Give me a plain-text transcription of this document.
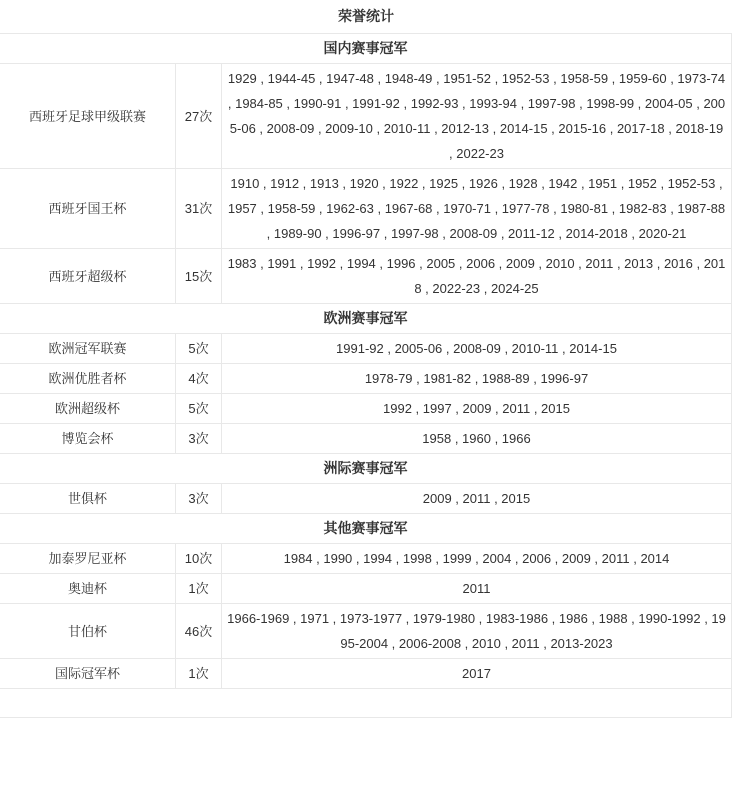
荣誉统计
国内赛事冠军		
西班牙足球甲级联赛	27次	1929 , 1944-45 , 1947-48 , 1948-49 , 1951-52 , 1952-53 , 1958-59 , 1959-60 , 1973-74 , 1984-85 , 1990-91 , 1991-92 , 1992-93 , 1993-94 , 1997-98 , 1998-99 , 2004-05 , 2005-06 , 2008-09 , 2009-10 , 2010-11 , 2012-13 , 2014-15 , 2015-16 , 2017-18 , 2018-19 , 2022-23
西班牙国王杯	31次	1910 , 1912 , 1913 , 1920 , 1922 , 1925 , 1926 , 1928 , 1942 , 1951 , 1952 , 1952-53 , 1957 , 1958-59 , 1962-63 , 1967-68 , 1970-71 , 1977-78 , 1980-81 , 1982-83 , 1987-88 , 1989-90 , 1996-97 , 1997-98 , 2008-09 , 2011-12 , 2014-2018 , 2020-21
西班牙超级杯	15次	1983 , 1991 , 1992 , 1994 , 1996 , 2005 , 2006 , 2009 , 2010 , 2011 , 2013 , 2016 , 2018 , 2022-23 , 2024-25
欧洲赛事冠军		
欧洲冠军联赛	5次	1991-92 , 2005-06 , 2008-09 , 2010-11 , 2014-15
欧洲优胜者杯	4次	1978-79 , 1981-82 , 1988-89 , 1996-97
欧洲超级杯	5次	1992 , 1997 , 2009 , 2011 , 2015
博览会杯	3次	1958 , 1960 , 1966
洲际赛事冠军		
世俱杯	3次	2009 , 2011 , 2015
其他赛事冠军		
加泰罗尼亚杯	10次	1984 , 1990 , 1994 , 1998 , 1999 , 2004 , 2006 , 2009 , 2011 , 2014
奥迪杯	1次	2011
甘伯杯	46次	1966-1969 , 1971 , 1973-1977 , 1979-1980 , 1983-1986 , 1986 , 1988 , 1990-1992 , 1995-2004 , 2006-2008 , 2010 , 2011 , 2013-2023
国际冠军杯	1次	2017
